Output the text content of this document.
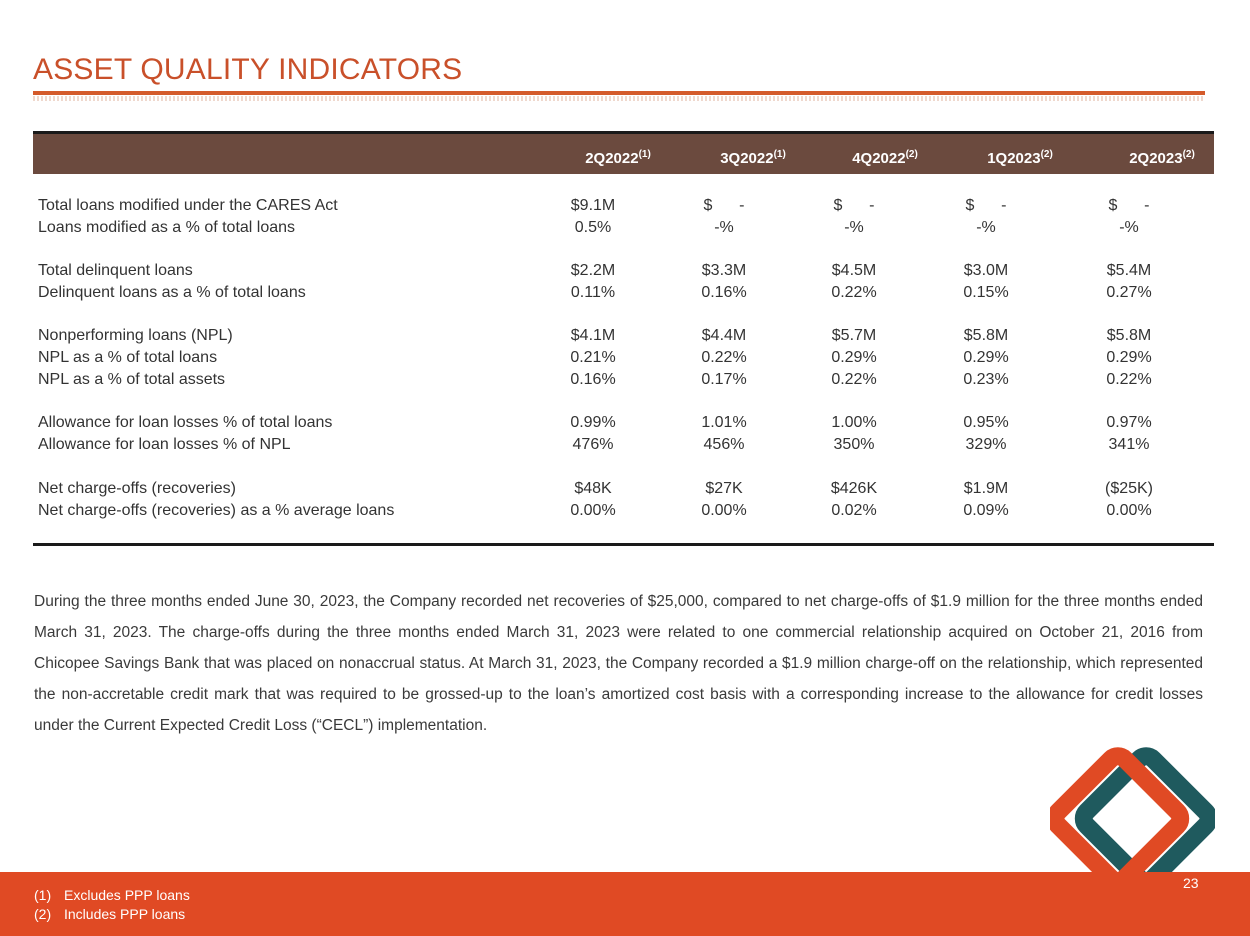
ASSET QUALITY INDICATORS
2Q2022$^{(1)}$	3Q2022$^{(1)}$	4Q2022$^{(2)}$	1Q2023$^{(2)}$	2Q2023$^{(2)}$
Total loans modified under the CARES Act	$9.1M	$      -	$      -	$      -	$      -
Loans modified as a % of total loans	0.5%	-%	-%	-%	-%
Total delinquent loans	$2.2M	$3.3M	$4.5M	$3.0M	$5.4M
Delinquent loans as a % of total loans	0.11%	0.16%	0.22%	0.15%	0.27%
Nonperforming loans (NPL)	$4.1M	$4.4M	$5.7M	$5.8M	$5.8M
NPL as a % of total loans	0.21%	0.22%	0.29%	0.29%	0.29%
NPL as a % of total assets	0.16%	0.17%	0.22%	0.23%	0.22%
Allowance for loan losses % of total loans	0.99%	1.01%	1.00%	0.95%	0.97%
Allowance for loan losses % of NPL	476%	456%	350%	329%	341%
Net charge-offs (recoveries)	$48K	$27K	$426K	$1.9M	($25K)
Net charge-offs (recoveries) as a % average loans	0.00%	0.00%	0.02%	0.09%	0.00%
During the three months ended June 30, 2023, the Company recorded net recoveries of $25,000, compared to net charge-offs of $1.9 million for the three months ended March 31, 2023. The charge-offs during the three months ended March 31, 2023 were related to one commercial relationship acquired on October 21, 2016 from Chicopee Savings Bank that was placed on nonaccrual status. At March 31, 2023, the Company recorded a $1.9 million charge-off on the relationship, which represented the non-accretable credit mark that was required to be grossed-up to the loan’s amortized cost basis with a corresponding increase to the allowance for credit losses under the Current Expected Credit Loss (“CECL”) implementation.
(1) Excludes PPP loans
(2) Includes PPP loans
23
